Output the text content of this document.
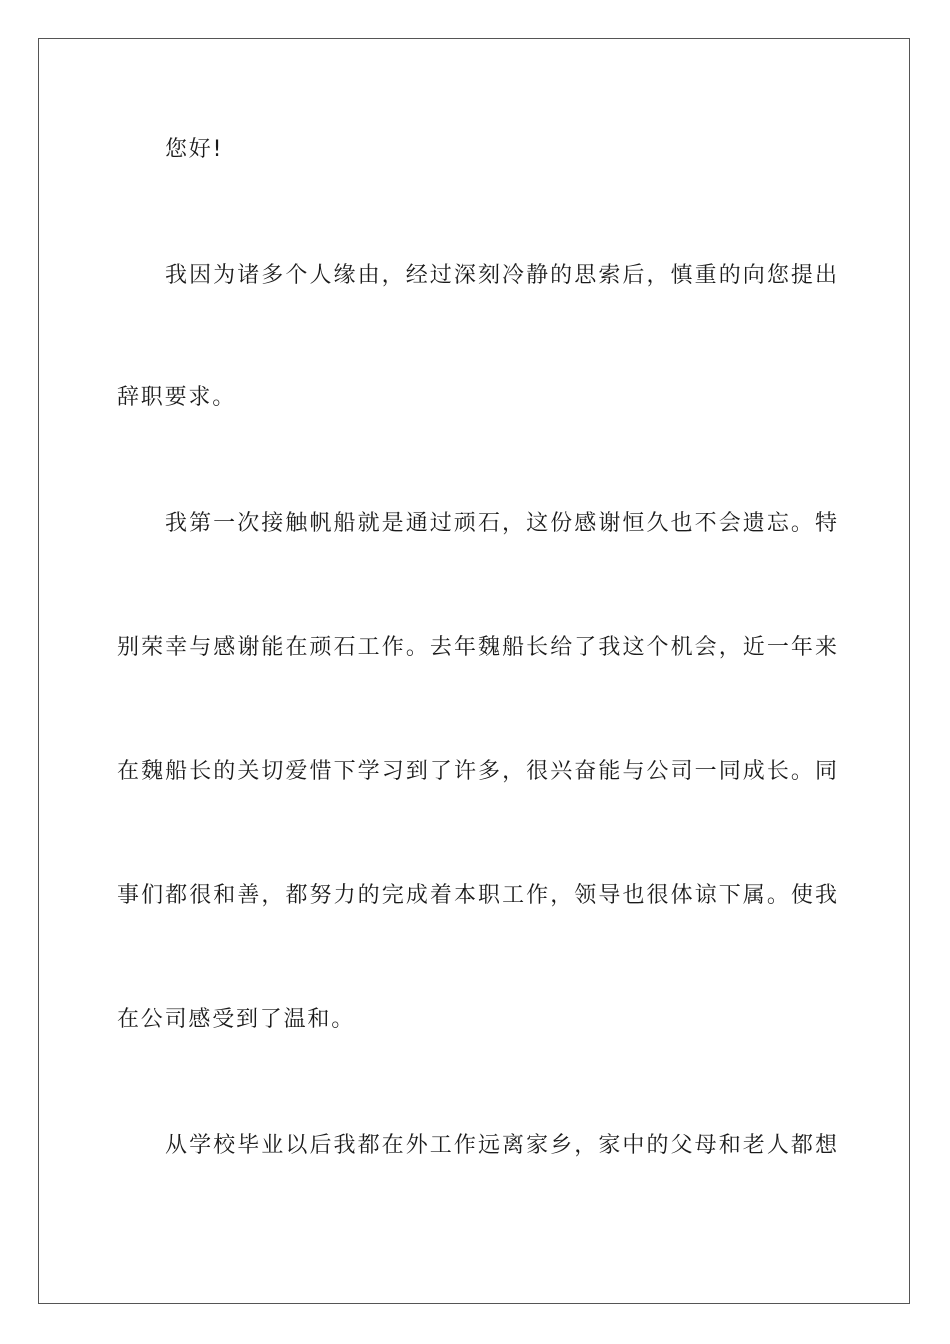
您好!
我因为诸多个人缘由，经过深刻冷静的思索后，慎重的向您提出
辞职要求。
我第一次接触帆船就是通过顽石，这份感谢恒久也不会遗忘。特
别荣幸与感谢能在顽石工作。去年魏船长给了我这个机会，近一年来
在魏船长的关切爱惜下学习到了许多，很兴奋能与公司一同成长。同
事们都很和善，都努力的完成着本职工作，领导也很体谅下属。使我
在公司感受到了温和。
从学校毕业以后我都在外工作远离家乡，家中的父母和老人都想
